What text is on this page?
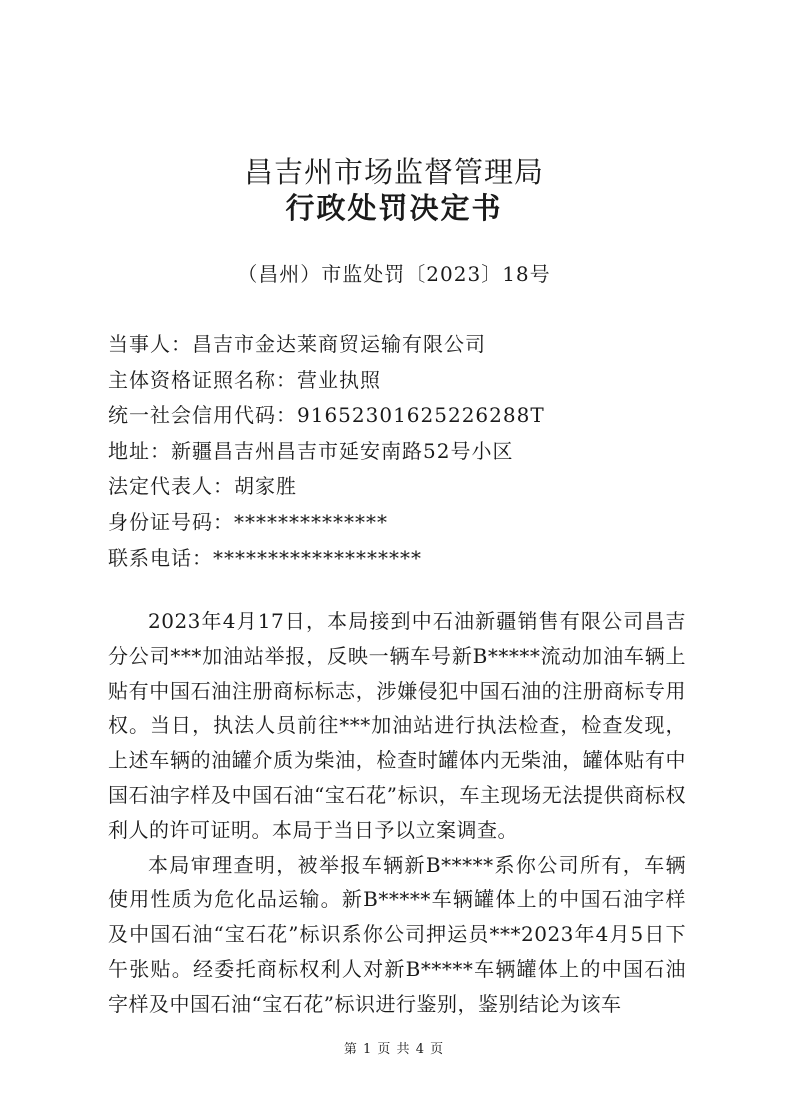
昌吉州市场监督管理局
行政处罚决定书
（昌州）市监处罚〔2023〕18号
当事人：昌吉市金达莱商贸运输有限公司
主体资格证照名称：营业执照
统一社会信用代码：91652301625226288T
地址：新疆昌吉州昌吉市延安南路52号小区
法定代表人：胡家胜
身份证号码：**************
联系电话：*******************

2023年4月17日，本局接到中石油新疆销售有限公司昌吉分公司***加油站举报，反映一辆车号新B*****流动加油车辆上贴有中国石油注册商标标志，涉嫌侵犯中国石油的注册商标专用权。当日，执法人员前往***加油站进行执法检查，检查发现，上述车辆的油罐介质为柴油，检查时罐体内无柴油，罐体贴有中国石油字样及中国石油“宝石花”标识，车主现场无法提供商标权利人的许可证明。本局于当日予以立案调查。

本局审理查明，被举报车辆新B*****系你公司所有，车辆使用性质为危化品运输。新B*****车辆罐体上的中国石油字样及中国石油“宝石花”标识系你公司押运员***2023年4月5日下午张贴。经委托商标权利人对新B*****车辆罐体上的中国石油字样及中国石油“宝石花”标识进行鉴别，鉴别结论为该车

第 1 页 共 4 页
